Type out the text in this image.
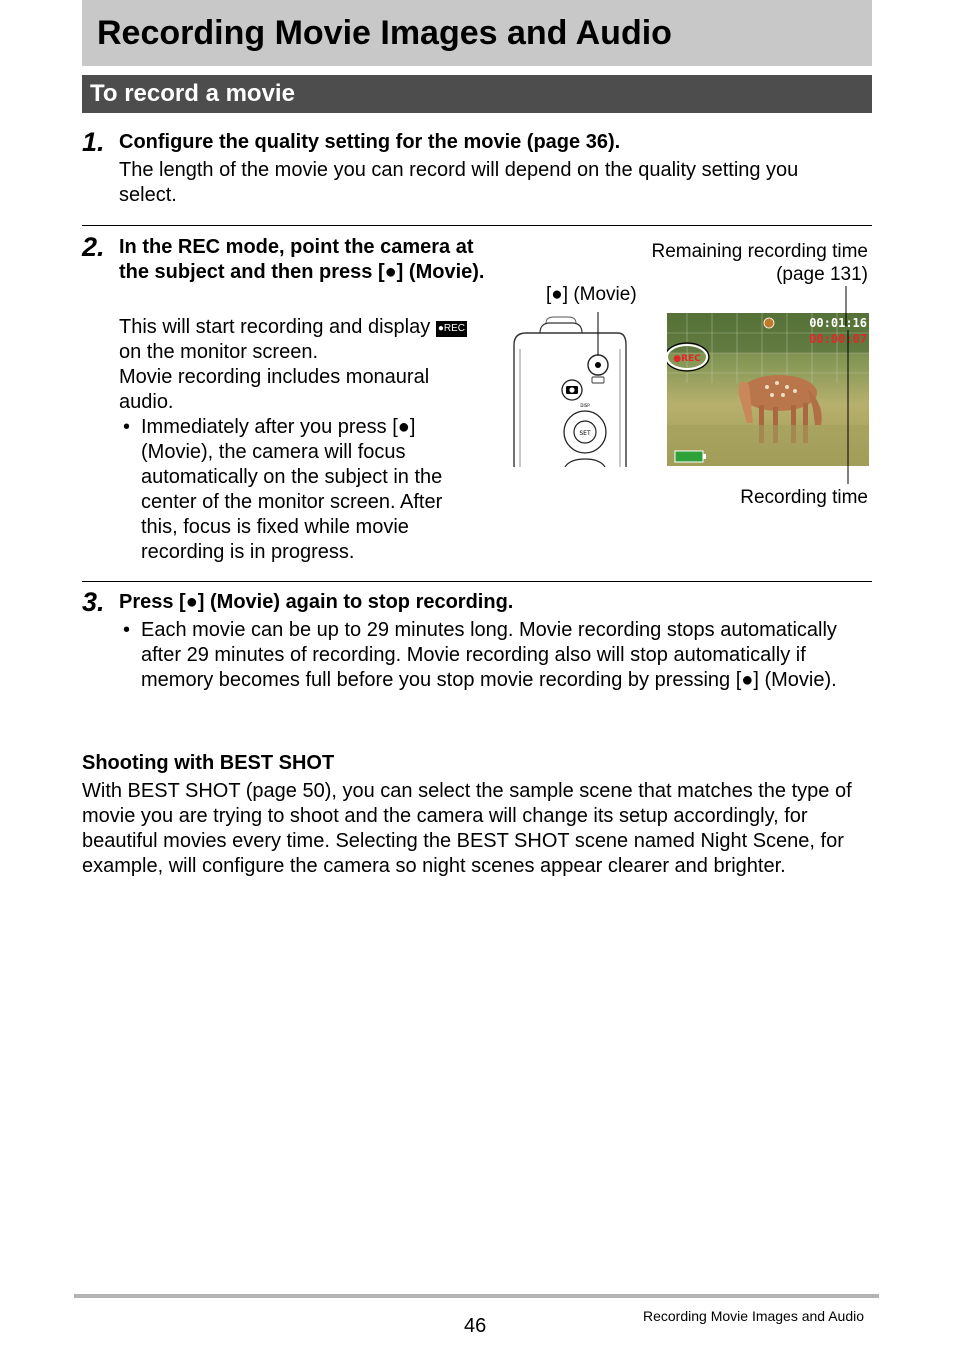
Recording Movie Images and Audio
To record a movie
1. Configure the quality setting for the movie (page 36).
The length of the movie you can record will depend on the quality setting you select.
2. In the REC mode, point the camera at the subject and then press [●] (Movie).
This will start recording and display ●REC on the monitor screen.
Movie recording includes monaural audio.
• Immediately after you press [●] (Movie), the camera will focus automatically on the subject in the center of the monitor screen. After this, focus is fixed while movie recording is in progress.
[●] (Movie)
Remaining recording time
(page 131)
Recording time
SET
DISP
●REC
00:01:16
00:00:07
3. Press [●] (Movie) again to stop recording.
• Each movie can be up to 29 minutes long. Movie recording stops automatically after 29 minutes of recording. Movie recording also will stop automatically if memory becomes full before you stop movie recording by pressing [●] (Movie).
Shooting with BEST SHOT
With BEST SHOT (page 50), you can select the sample scene that matches the type of movie you are trying to shoot and the camera will change its setup accordingly, for beautiful movies every time. Selecting the BEST SHOT scene named Night Scene, for example, will configure the camera so night scenes appear clearer and brighter.
46	Recording Movie Images and Audio
